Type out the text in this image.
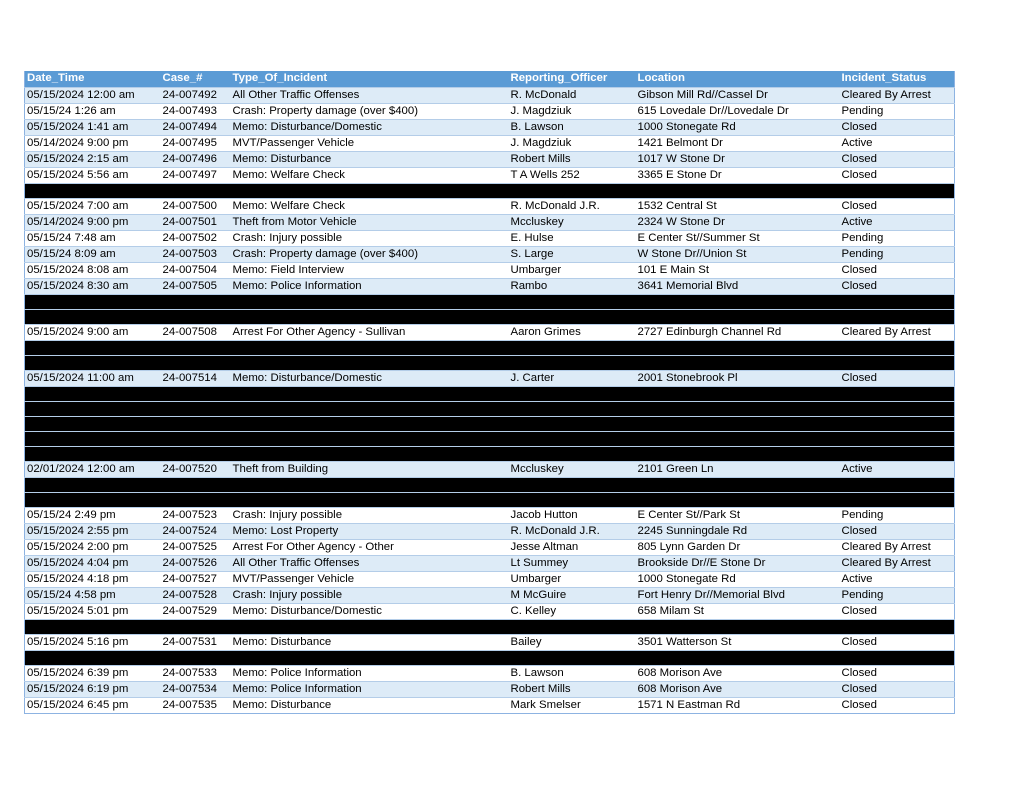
Date_Time	Case_#	Type_Of_Incident	Reporting_Officer	Location	Incident_Status
05/15/2024 12:00 am	24-007492	All Other Traffic Offenses	R. McDonald	Gibson Mill Rd//Cassel Dr	Cleared By Arrest
05/15/24 1:26 am	24-007493	Crash: Property damage (over $400)	J. Magdziuk	615 Lovedale Dr//Lovedale Dr	Pending
05/15/2024 1:41 am	24-007494	Memo: Disturbance/Domestic	B. Lawson	1000 Stonegate Rd	Closed
05/14/2024 9:00 pm	24-007495	MVT/Passenger Vehicle	J. Magdziuk	1421 Belmont Dr	Active
05/15/2024 2:15 am	24-007496	Memo: Disturbance	Robert Mills	1017 W Stone Dr	Closed
05/15/2024 5:56 am	24-007497	Memo: Welfare Check	T A Wells 252	3365 E Stone Dr	Closed

05/15/2024 7:00 am	24-007500	Memo: Welfare Check	R. McDonald J.R.	1532 Central St	Closed
05/14/2024 9:00 pm	24-007501	Theft from Motor Vehicle	Mccluskey	2324 W Stone Dr	Active
05/15/24 7:48 am	24-007502	Crash: Injury possible	E. Hulse	E Center St//Summer St	Pending
05/15/24 8:09 am	24-007503	Crash: Property damage (over $400)	S. Large	W Stone Dr//Union St	Pending
05/15/2024 8:08 am	24-007504	Memo: Field Interview	Umbarger	101 E Main St	Closed
05/15/2024 8:30 am	24-007505	Memo: Police Information	Rambo	3641 Memorial Blvd	Closed

05/15/2024 9:00 am	24-007508	Arrest For Other Agency - Sullivan	Aaron Grimes	2727 Edinburgh Channel Rd	Cleared By Arrest

05/15/2024 11:00 am	24-007514	Memo: Disturbance/Domestic	J. Carter	2001 Stonebrook Pl	Closed

02/01/2024 12:00 am	24-007520	Theft from Building	Mccluskey	2101 Green Ln	Active

05/15/24 2:49 pm	24-007523	Crash: Injury possible	Jacob Hutton	E Center St//Park St	Pending
05/15/2024 2:55 pm	24-007524	Memo: Lost Property	R. McDonald J.R.	2245 Sunningdale Rd	Closed
05/15/2024 2:00 pm	24-007525	Arrest For Other Agency - Other	Jesse Altman	805 Lynn Garden Dr	Cleared By Arrest
05/15/2024 4:04 pm	24-007526	All Other Traffic Offenses	Lt Summey	Brookside Dr//E Stone Dr	Cleared By Arrest
05/15/2024 4:18 pm	24-007527	MVT/Passenger Vehicle	Umbarger	1000 Stonegate Rd	Active
05/15/24 4:58 pm	24-007528	Crash: Injury possible	M McGuire	Fort Henry Dr//Memorial Blvd	Pending
05/15/2024 5:01 pm	24-007529	Memo: Disturbance/Domestic	C. Kelley	658 Milam St	Closed

05/15/2024 5:16 pm	24-007531	Memo: Disturbance	Bailey	3501 Watterson St	Closed

05/15/2024 6:39 pm	24-007533	Memo: Police Information	B. Lawson	608 Morison Ave	Closed
05/15/2024 6:19 pm	24-007534	Memo: Police Information	Robert Mills	608 Morison Ave	Closed
05/15/2024 6:45 pm	24-007535	Memo: Disturbance	Mark Smelser	1571 N Eastman Rd	Closed
